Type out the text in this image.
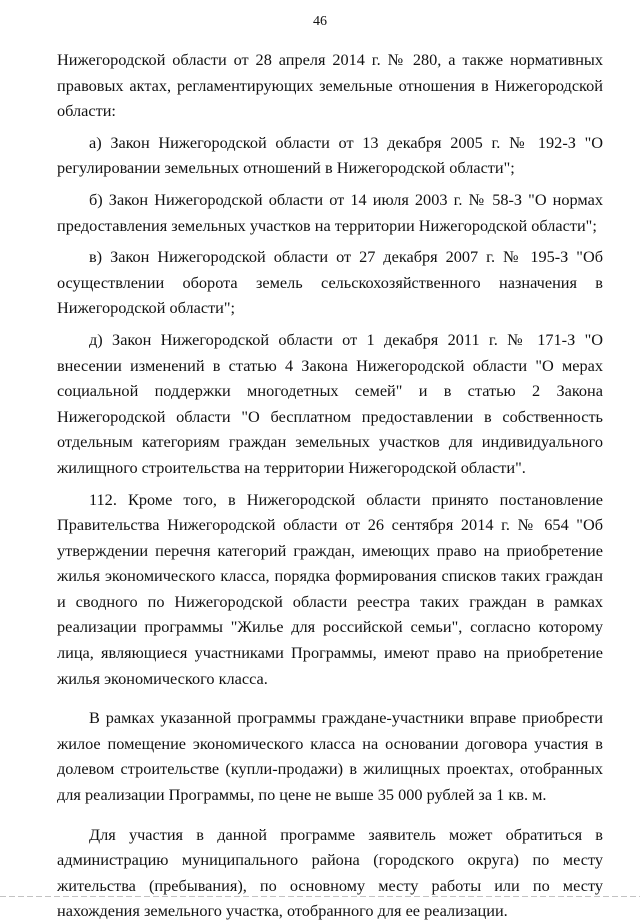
46

Нижегородской области от 28 апреля 2014 г. № 280, а также нормативных правовых актах, регламентирующих земельные отношения в Нижегородской области:

а) Закон Нижегородской области от 13 декабря 2005 г. № 192-З "О регулировании земельных отношений в Нижегородской области";

б) Закон Нижегородской области от 14 июля 2003 г. № 58-З "О нормах предоставления земельных участков на территории Нижегородской области";

в) Закон Нижегородской области от 27 декабря 2007 г. № 195-З "Об осуществлении оборота земель сельскохозяйственного назначения в Нижегородской области";

д) Закон Нижегородской области от 1 декабря 2011 г. № 171-З "О внесении изменений в статью 4 Закона Нижегородской области "О мерах социальной поддержки многодетных семей" и в статью 2 Закона Нижегородской области "О бесплатном предоставлении в собственность отдельным категориям граждан земельных участков для индивидуального жилищного строительства на территории Нижегородской области".

112. Кроме того, в Нижегородской области принято постановление Правительства Нижегородской области от 26 сентября 2014 г. № 654 "Об утверждении перечня категорий граждан, имеющих право на приобретение жилья экономического класса, порядка формирования списков таких граждан и сводного по Нижегородской области реестра таких граждан в рамках реализации программы "Жилье для российской семьи", согласно которому лица, являющиеся участниками Программы, имеют право на приобретение жилья экономического класса.

В рамках указанной программы граждане-участники вправе приобрести жилое помещение экономического класса на основании договора участия в долевом строительстве (купли-продажи) в жилищных проектах, отобранных для реализации Программы, по цене не выше 35 000 рублей за 1 кв. м.

Для участия в данной программе заявитель может обратиться в администрацию муниципального района (городского округа) по месту жительства (пребывания), по основному месту работы или по месту нахождения земельного участка, отобранного для ее реализации.
